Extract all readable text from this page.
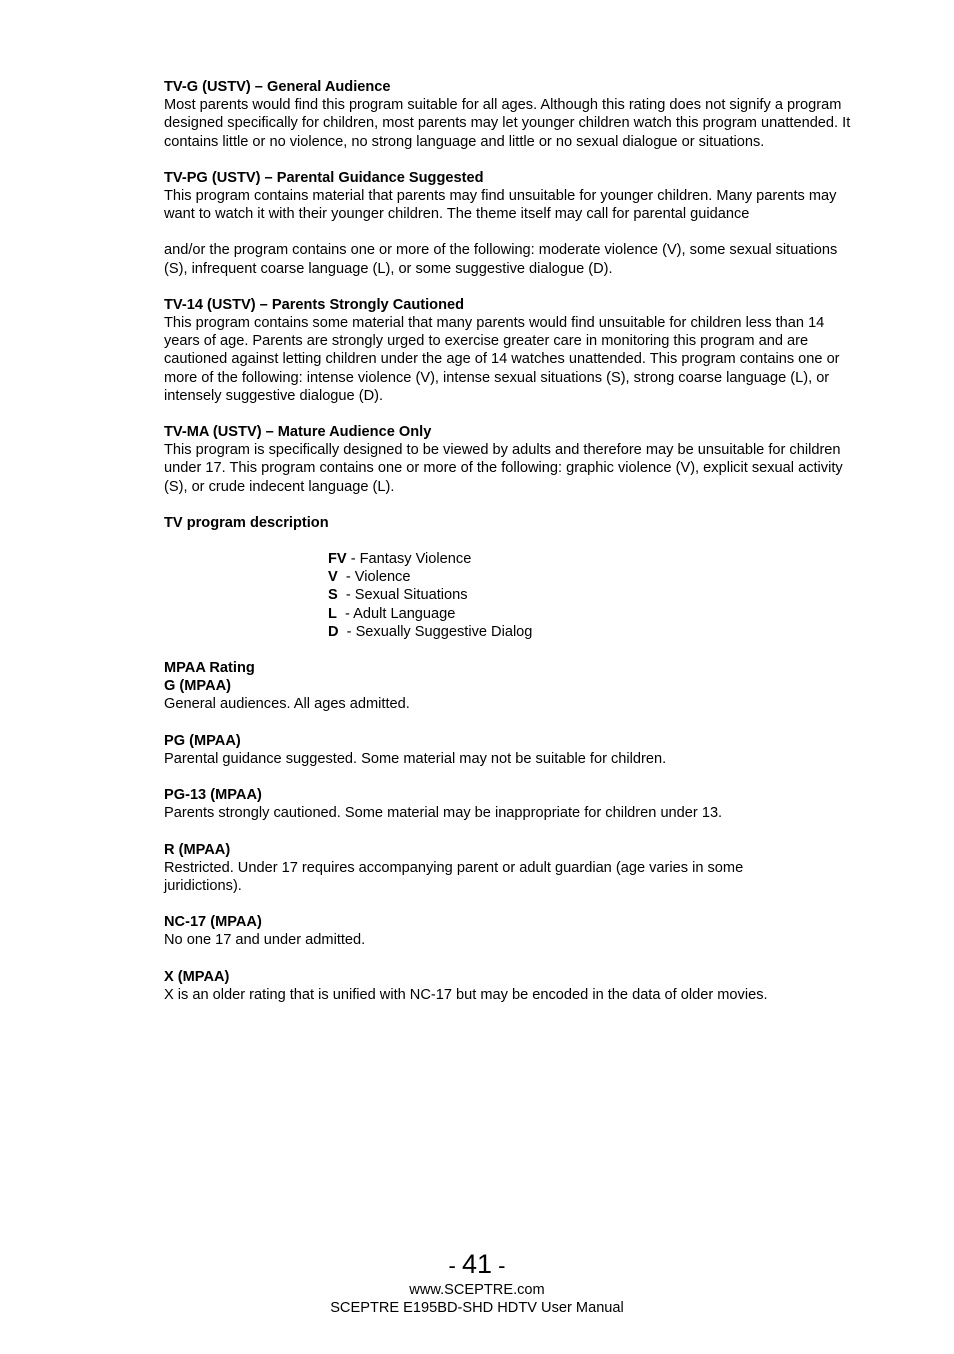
TV-G (USTV) – General Audience

Most parents would find this program suitable for all ages. Although this rating does not signify a program designed specifically for children, most parents may let younger children watch this program unattended. It contains little or no violence, no strong language and little or no sexual dialogue or situations.

TV-PG (USTV) – Parental Guidance Suggested

This program contains material that parents may find unsuitable for younger children. Many parents may want to watch it with their younger children. The theme itself may call for parental guidance

and/or the program contains one or more of the following: moderate violence (V), some sexual situations (S), infrequent coarse language (L), or some suggestive dialogue (D).

TV-14 (USTV) – Parents Strongly Cautioned

This program contains some material that many parents would find unsuitable for children less than 14 years of age. Parents are strongly urged to exercise greater care in monitoring this program and are cautioned against letting children under the age of 14 watches unattended. This program contains one or more of the following: intense violence (V), intense sexual situations (S), strong coarse language (L), or intensely suggestive dialogue (D).

TV-MA (USTV) – Mature Audience Only

This program is specifically designed to be viewed by adults and therefore may be unsuitable for children under 17. This program contains one or more of the following: graphic violence (V), explicit sexual activity (S), or crude indecent language (L).

TV program description
FV - Fantasy Violence
V  - Violence
S  - Sexual Situations
L  - Adult Language
D  - Sexually Suggestive Dialog
MPAA Rating
G (MPAA)

General audiences. All ages admitted.

PG (MPAA)

Parental guidance suggested. Some material may not be suitable for children.

PG-13 (MPAA)

Parents strongly cautioned. Some material may be inappropriate for children under 13.

R (MPAA)

Restricted. Under 17 requires accompanying parent or adult guardian (age varies in some juridictions).

NC-17 (MPAA)

No one 17 and under admitted.

X (MPAA)

X is an older rating that is unified with NC-17 but may be encoded in the data of older movies.

- 41 -
www.SCEPTRE.com
SCEPTRE E195BD-SHD HDTV User Manual
